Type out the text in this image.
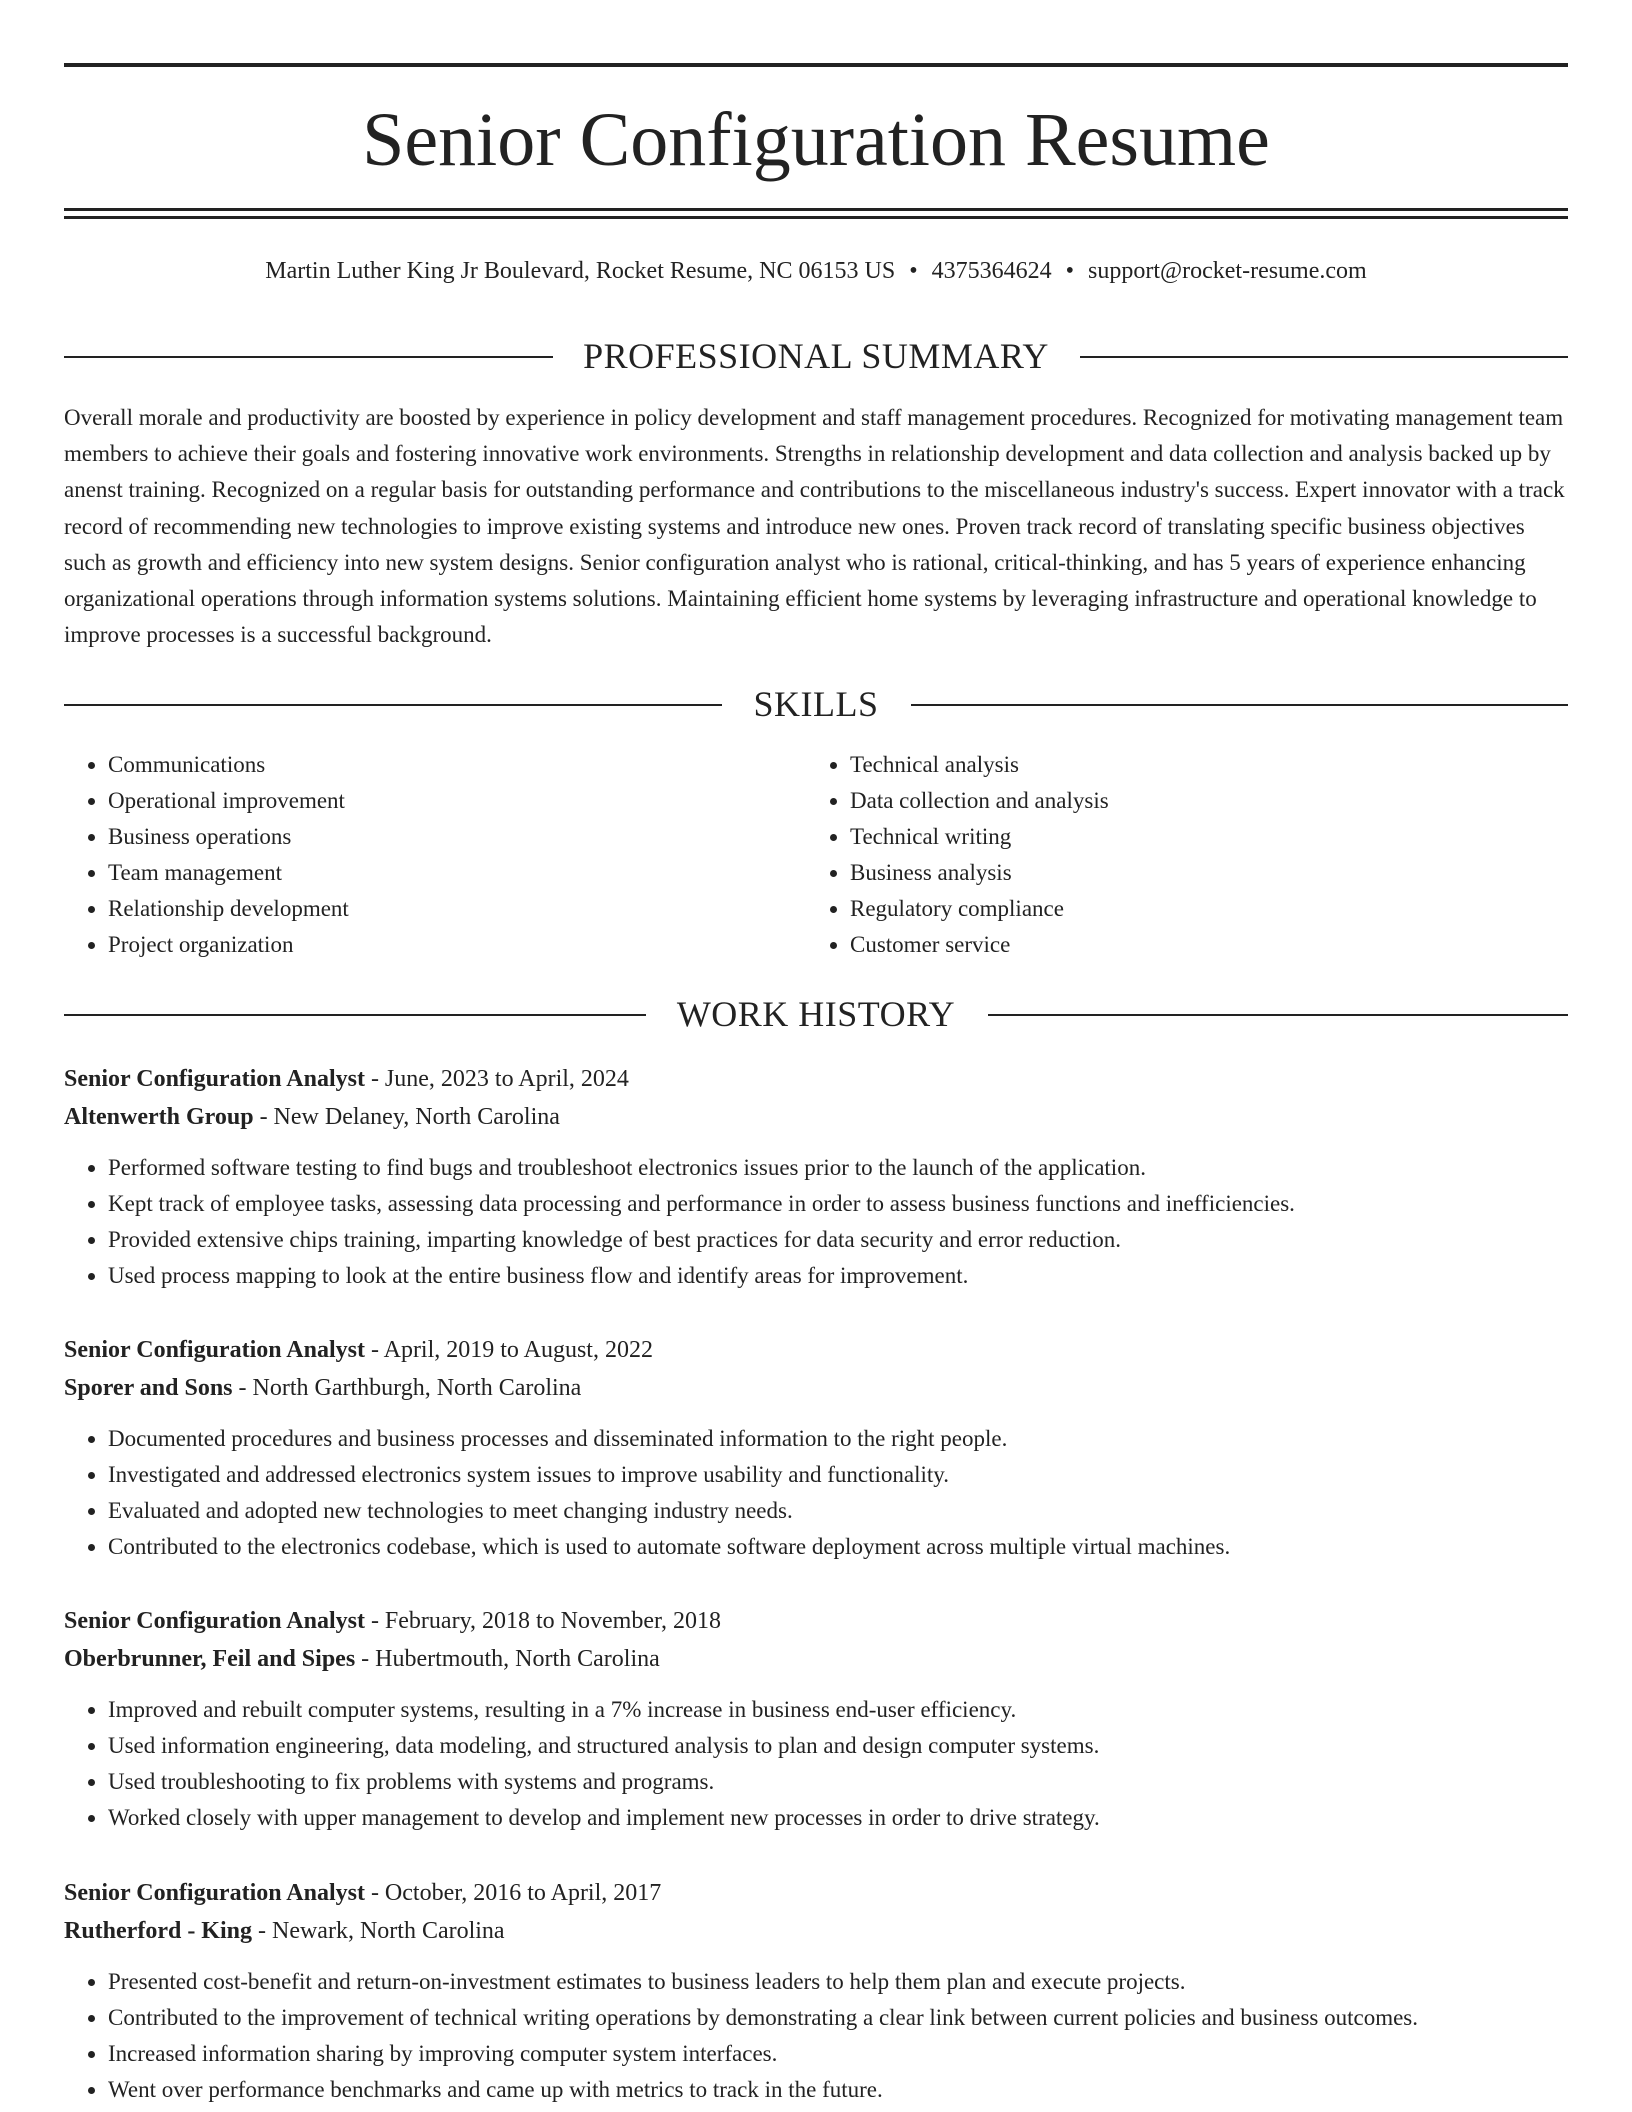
Senior Configuration Resume
Martin Luther King Jr Boulevard, Rocket Resume, NC 06153 US • 4375364624 • support@rocket-resume.com
PROFESSIONAL SUMMARY

Overall morale and productivity are boosted by experience in policy development and staff management procedures. Recognized for motivating management team members to achieve their goals and fostering innovative work environments. Strengths in relationship development and data collection and analysis backed up by anenst training. Recognized on a regular basis for outstanding performance and contributions to the miscellaneous industry's success. Expert innovator with a track record of recommending new technologies to improve existing systems and introduce new ones. Proven track record of translating specific business objectives such as growth and efficiency into new system designs. Senior configuration analyst who is rational, critical-thinking, and has 5 years of experience enhancing organizational operations through information systems solutions. Maintaining efficient home systems by leveraging infrastructure and operational knowledge to improve processes is a successful background.

SKILLS
• Communications
• Operational improvement
• Business operations
• Team management
• Relationship development
• Project organization
• Technical analysis
• Data collection and analysis
• Technical writing
• Business analysis
• Regulatory compliance
• Customer service
WORK HISTORY

Senior Configuration Analyst - June, 2023 to April, 2024

Altenwerth Group - New Delaney, North Carolina

• Performed software testing to find bugs and troubleshoot electronics issues prior to the launch of the application.
• Kept track of employee tasks, assessing data processing and performance in order to assess business functions and inefficiencies.
• Provided extensive chips training, imparting knowledge of best practices for data security and error reduction.
• Used process mapping to look at the entire business flow and identify areas for improvement.

Senior Configuration Analyst - April, 2019 to August, 2022

Sporer and Sons - North Garthburgh, North Carolina

• Documented procedures and business processes and disseminated information to the right people.
• Investigated and addressed electronics system issues to improve usability and functionality.
• Evaluated and adopted new technologies to meet changing industry needs.
• Contributed to the electronics codebase, which is used to automate software deployment across multiple virtual machines.

Senior Configuration Analyst - February, 2018 to November, 2018

Oberbrunner, Feil and Sipes - Hubertmouth, North Carolina

• Improved and rebuilt computer systems, resulting in a 7% increase in business end-user efficiency.
• Used information engineering, data modeling, and structured analysis to plan and design computer systems.
• Used troubleshooting to fix problems with systems and programs.
• Worked closely with upper management to develop and implement new processes in order to drive strategy.

Senior Configuration Analyst - October, 2016 to April, 2017

Rutherford - King - Newark, North Carolina

• Presented cost-benefit and return-on-investment estimates to business leaders to help them plan and execute projects.
• Contributed to the improvement of technical writing operations by demonstrating a clear link between current policies and business outcomes.
• Increased information sharing by improving computer system interfaces.
• Went over performance benchmarks and came up with metrics to track in the future.
